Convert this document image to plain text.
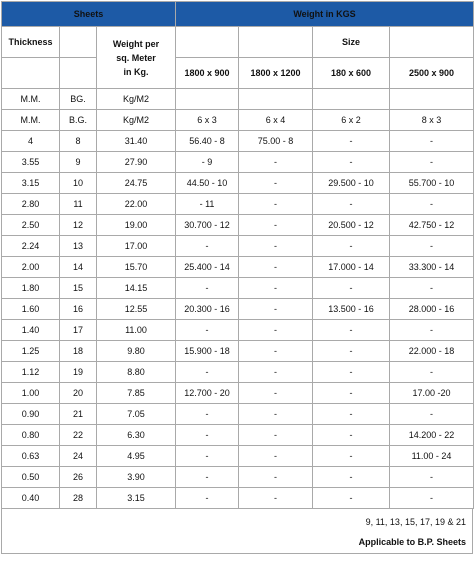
Sheets			Weight in KGS			
Thickness		Weight per
sq. Meter
in Kg.			Size	
			1800 x 900	1800 x 1200	180 x 600	2500 x 900
M.M.	BG.	Kg/M2				
M.M.	B.G.	Kg/M2	6 x 3	6 x 4	6 x 2	8 x 3
4	8	31.40	56.40 - 8	75.00 - 8	-	-
3.55	9	27.90	- 9	-	-	-
3.15	10	24.75	44.50 - 10	-	29.500 - 10	55.700 - 10
2.80	11	22.00	- 11	-	-	-
2.50	12	19.00	30.700 - 12	-	20.500 - 12	42.750 - 12
2.24	13	17.00	-	-	-	-
2.00	14	15.70	25.400 - 14	-	17.000 - 14	33.300 - 14
1.80	15	14.15	-	-	-	-
1.60	16	12.55	20.300 - 16	-	13.500 - 16	28.000 - 16
1.40	17	11.00	-	-	-	-
1.25	18	9.80	15.900 - 18	-	-	22.000 - 18
1.12	19	8.80	-	-	-	-
1.00	20	7.85	12.700 - 20	-	-	17.00 -20
0.90	21	7.05	-	-	-	-
0.80	22	6.30	-	-	-	14.200 - 22
0.63	24	4.95	-	-	-	11.00 - 24
0.50	26	3.90	-	-	-	-
0.40	28	3.15	-	-	-	-
9, 11, 13, 15, 17, 19 & 21
Applicable to B.P. Sheets
